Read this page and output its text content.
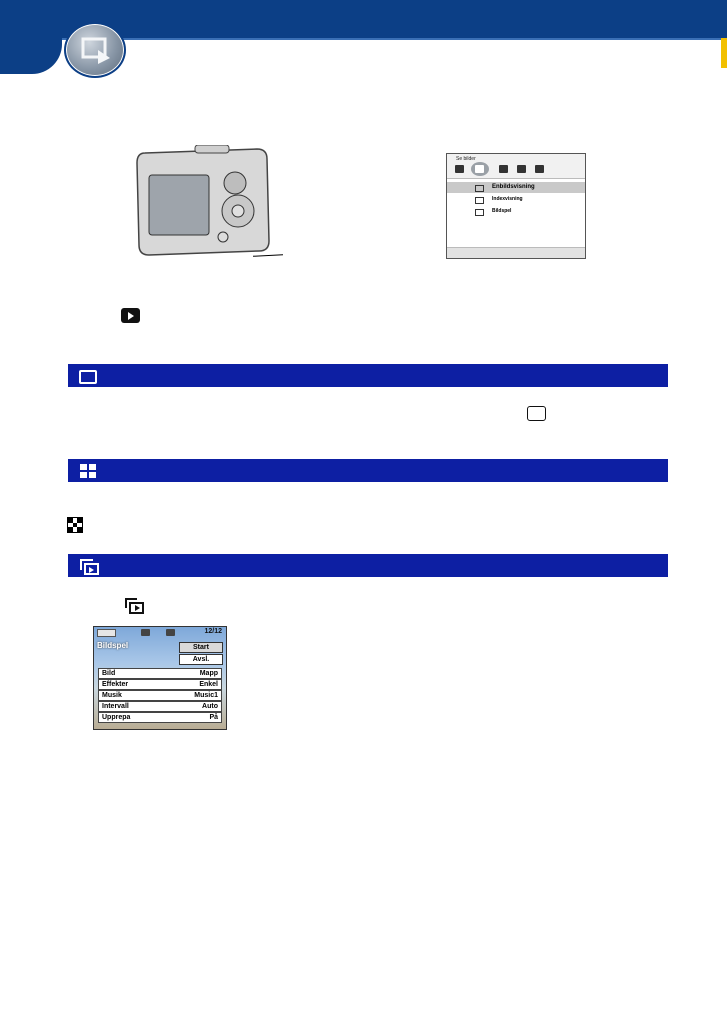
Se bilder
Enbildsvisning
Indexvisning
Bildspel
12/12
Bildspel	Start
Avsl.
Bild	Mapp
Effekter	Enkel
Musik	Music1
Intervall	Auto
Upprepa	På
